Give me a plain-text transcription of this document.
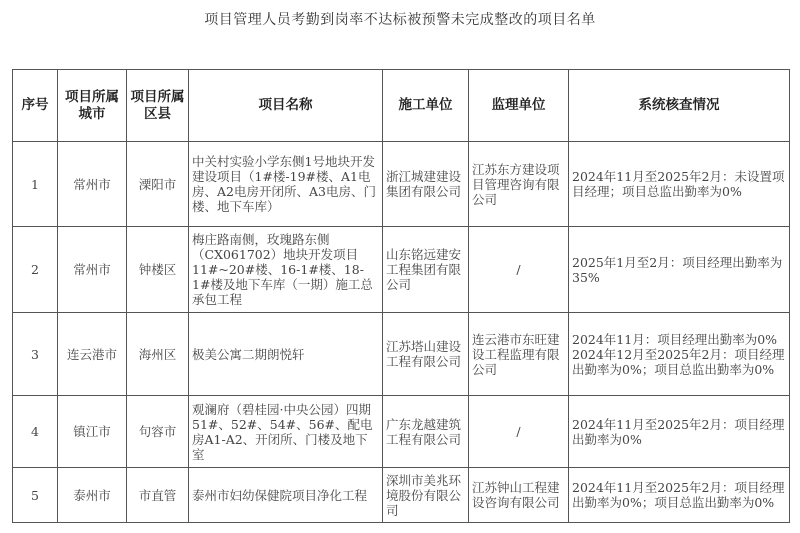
项目管理人员考勤到岗率不达标被预警未完成整改的项目名单
序号	项目所属城市	项目所属区县	项目名称	施工单位	监理单位	系统核查情况
1	常州市	溧阳市	中关村实验小学东侧1号地块开发建设项目（1#楼-19#楼、A1电房、A2电房开闭所、A3电房、门楼、地下车库）	浙江城建建设集团有限公司	江苏东方建设项目管理咨询有限公司	2024年11月至2025年2月：未设置项目经理；项目总监出勤率为0%
2	常州市	钟楼区	梅庄路南侧，玫瑰路东侧（CX061702）地块开发项目11#~20#楼、16-1#楼、18-1#楼及地下车库（一期）施工总承包工程	山东铭远建安工程集团有限公司	/	2025年1月至2月：项目经理出勤率为35%
3	连云港市	海州区	极美公寓二期朗悦轩	江苏塔山建设工程有限公司	连云港市东旺建设工程监理有限公司	2024年11月：项目经理出勤率为0%
2024年12月至2025年2月：项目经理出勤率为0%；项目总监出勤率为0%
4	镇江市	句容市	观澜府（碧桂园·中央公园）四期51#、52#、54#、56#、配电房A1-A2、开闭所、门楼及地下室	广东龙越建筑工程有限公司	/	2024年11月至2025年2月：项目经理出勤率为0%
5	泰州市	市直管	泰州市妇幼保健院项目净化工程	深圳市美兆环境股份有限公司	江苏钟山工程建设咨询有限公司	2024年11月至2025年2月：项目经理出勤率为0%；项目总监出勤率为0%
